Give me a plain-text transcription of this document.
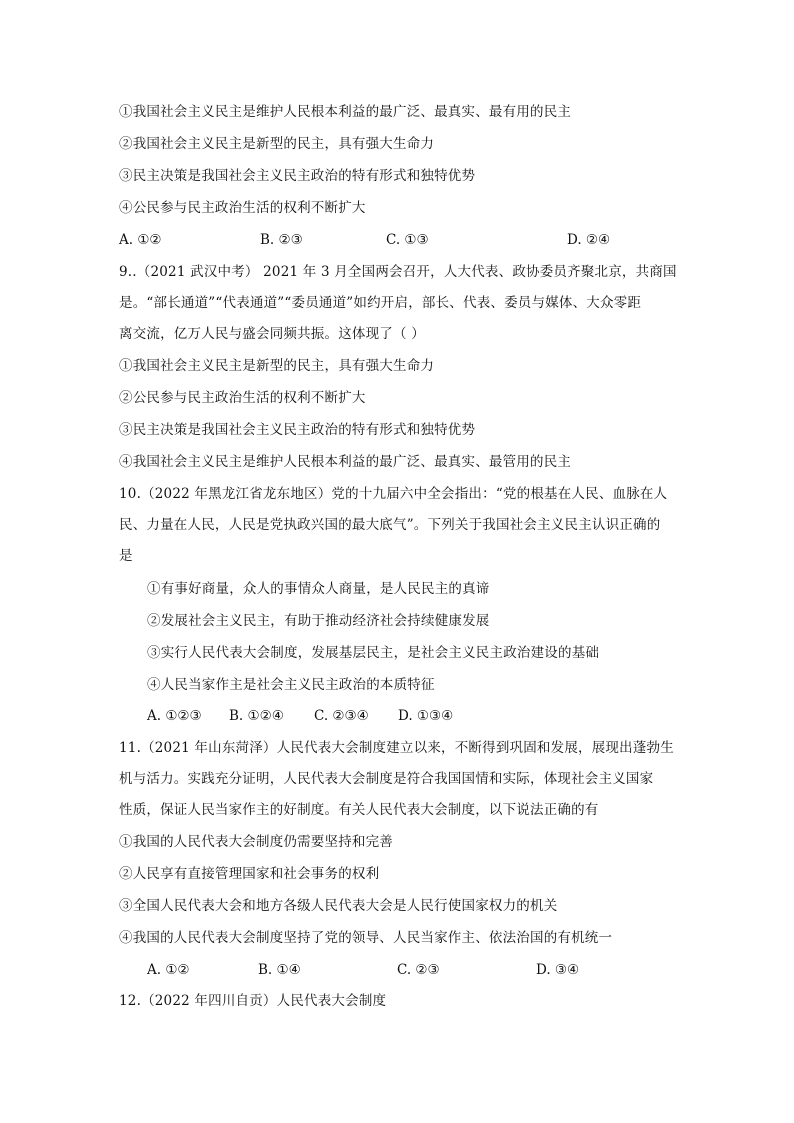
①我国社会主义民主是维护人民根本利益的最广泛、最真实、最有用的民主
②我国社会主义民主是新型的民主，具有强大生命力
③民主决策是我国社会主义民主政治的特有形式和独特优势
④公民参与民主政治生活的权利不断扩大
A. ①②	B. ②③	C. ①③	D. ②④
9..（2021 武汉中考） 2021 年 3 月全国两会召开，人大代表、政协委员齐聚北京，共商国
是。“部长通道”“代表通道”“委员通道”如约开启，部长、代表、委员与媒体、大众零距
离交流，亿万人民与盛会同频共振。这体现了（ ）
①我国社会主义民主是新型的民主，具有强大生命力
②公民参与民主政治生活的权利不断扩大
③民主决策是我国社会主义民主政治的特有形式和独特优势
④我国社会主义民主是维护人民根本利益的最广泛、最真实、最管用的民主
10.（2022 年黑龙江省龙东地区）党的十九届六中全会指出：“党的根基在人民、血脉在人
民、力量在人民，人民是党执政兴国的最大底气”。下列关于我国社会主义民主认识正确的
是
①有事好商量，众人的事情众人商量，是人民民主的真谛
②发展社会主义民主，有助于推动经济社会持续健康发展
③实行人民代表大会制度，发展基层民主，是社会主义民主政治建设的基础
④人民当家作主是社会主义民主政治的本质特征
A. ①②③ B. ①②④ C. ②③④ D. ①③④
11.（2021 年山东菏泽）人民代表大会制度建立以来，不断得到巩固和发展，展现出蓬勃生
机与活力。实践充分证明，人民代表大会制度是符合我国国情和实际，体现社会主义国家
性质，保证人民当家作主的好制度。有关人民代表大会制度，以下说法正确的有
①我国的人民代表大会制度仍需要坚持和完善
②人民享有直接管理国家和社会事务的权利
③全国人民代表大会和地方各级人民代表大会是人民行使国家权力的机关
④我国的人民代表大会制度坚持了党的领导、人民当家作主、依法治国的有机统一
A. ①②	B. ①④	C. ②③	D. ③④
12.（2022 年四川自贡）人民代表大会制度
